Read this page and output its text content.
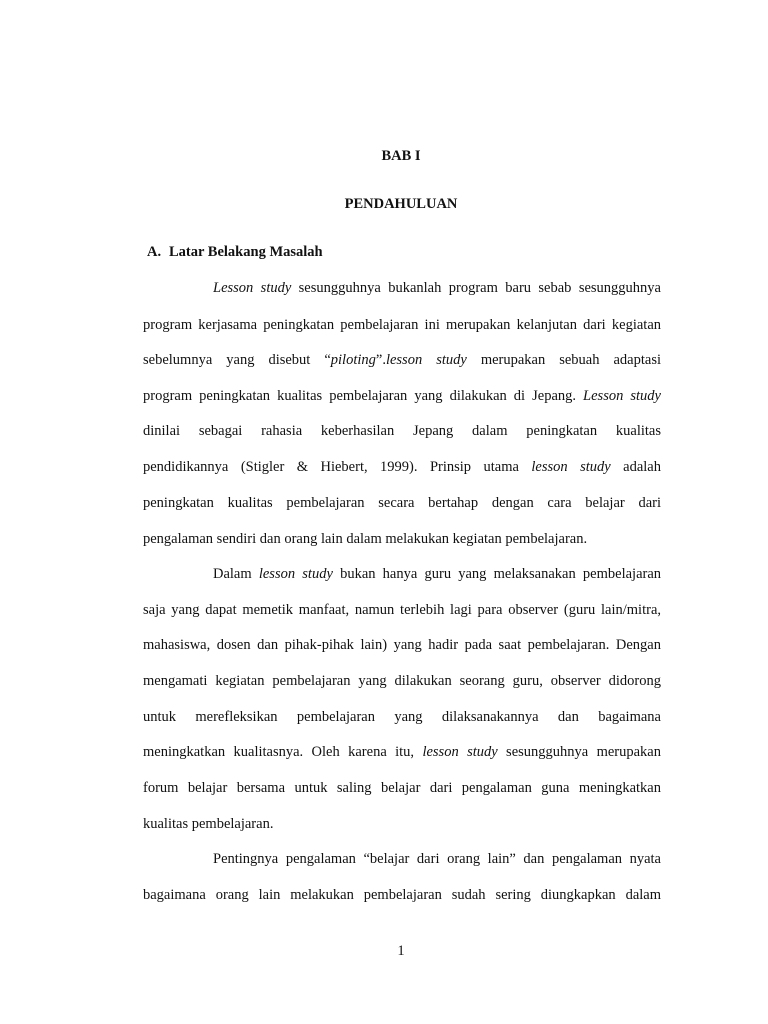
BAB I

PENDAHULUAN

A. Latar Belakang Masalah

Lesson study sesungguhnya bukanlah program baru sebab sesungguhnya

program kerjasama peningkatan pembelajaran ini merupakan kelanjutan dari kegiatan

sebelumnya yang disebut “piloting”.lesson study merupakan sebuah adaptasi

program peningkatan kualitas pembelajaran yang dilakukan di Jepang. Lesson study

dinilai sebagai rahasia keberhasilan Jepang dalam peningkatan kualitas

pendidikannya (Stigler & Hiebert, 1999). Prinsip utama lesson study adalah

peningkatan kualitas pembelajaran secara bertahap dengan cara belajar dari

pengalaman sendiri dan orang lain dalam melakukan kegiatan pembelajaran.

Dalam lesson study bukan hanya guru yang melaksanakan pembelajaran

saja yang dapat memetik manfaat, namun terlebih lagi para observer (guru lain/mitra,

mahasiswa, dosen dan pihak-pihak lain) yang hadir pada saat pembelajaran. Dengan

mengamati kegiatan pembelajaran yang dilakukan seorang guru, observer didorong

untuk merefleksikan pembelajaran yang dilaksanakannya dan bagaimana

meningkatkan kualitasnya. Oleh karena itu, lesson study sesungguhnya merupakan

forum belajar bersama untuk saling belajar dari pengalaman guna meningkatkan

kualitas pembelajaran.

Pentingnya pengalaman “belajar dari orang lain” dan pengalaman nyata

bagaimana orang lain melakukan pembelajaran sudah sering diungkapkan dalam

1
